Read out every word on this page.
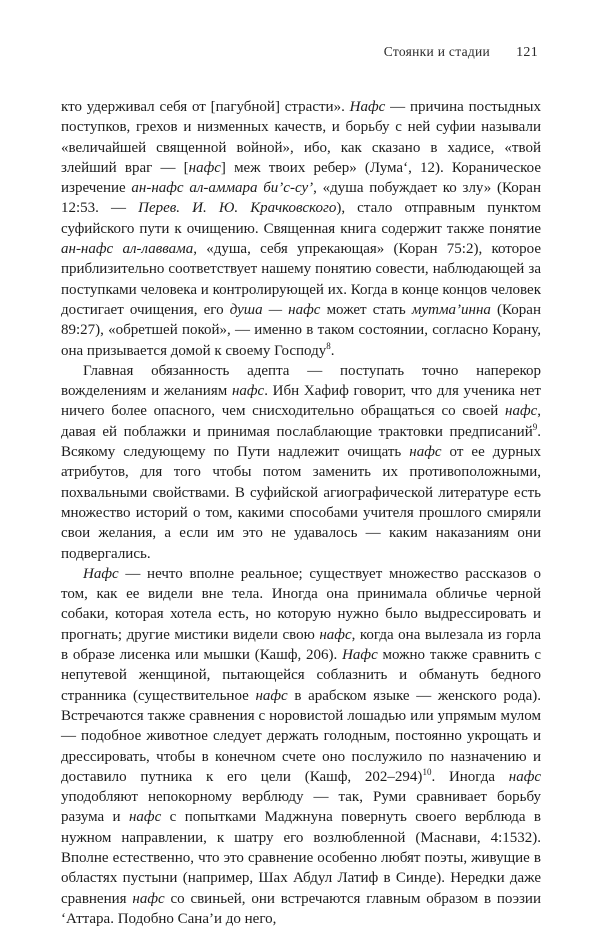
Стоянки и стадии 121

кто удерживал себя от [пагубной] страсти». Нафс — причина постыдных поступков, грехов и низменных качеств, и борьбу с ней суфии называли «величайшей священной войной», ибо, как сказано в хадисе, «твой злейший враг — [нафс] меж твоих ребер» (Лума‘, 12). Кораническое изречение ан-нафс ал-аммара би’с-су’, «душа побуждает ко злу» (Коран 12:53. — Перев. И. Ю. Крачковского), стало отправным пунктом суфийского пути к очищению. Священная книга содержит также понятие ан-нафс ал-лаввама, «душа, себя упрекающая» (Коран 75:2), которое приблизительно соответствует нашему понятию совести, наблюдающей за поступками человека и контролирующей их. Когда в конце концов человек достигает очищения, его душа — нафс может стать мутма’инна (Коран 89:27), «обретшей покой», — именно в таком состоянии, согласно Корану, она призывается домой к своему Господу$^8$.

Главная обязанность адепта — поступать точно наперекор вожделениям и желаниям нафс. Ибн Хафиф говорит, что для ученика нет ничего более опасного, чем снисходительно обращаться со своей нафс, давая ей поблажки и принимая послаблающие трактовки предписаний$^9$. Всякому следующему по Пути надлежит очищать нафс от ее дурных атрибутов, для того чтобы потом заменить их противоположными, похвальными свойствами. В суфийской агиографической литературе есть множество историй о том, какими способами учителя прошлого смиряли свои желания, а если им это не удавалось — каким наказаниям они подвергались.

Нафс — нечто вполне реальное; существует множество рассказов о том, как ее видели вне тела. Иногда она принимала обличье черной собаки, которая хотела есть, но которую нужно было выдрессировать и прогнать; другие мистики видели свою нафс, когда она вылезала из горла в образе лисенка или мышки (Кашф, 206). Нафс можно также сравнить с непутевой женщиной, пытающейся соблазнить и обмануть бедного странника (существительное нафс в арабском языке — женского рода). Встречаются также сравнения с норовистой лошадью или упрямым мулом — подобное животное следует держать голодным, постоянно укрощать и дрессировать, чтобы в конечном счете оно послужило по назначению и доставило путника к его цели (Кашф, 202–294)$^{10}$. Иногда нафс уподобляют непокорному верблюду — так, Руми сравнивает борьбу разума и нафс с попытками Маджнуна повернуть своего верблюда в нужном направлении, к шатру его возлюбленной (Маснави, 4:1532). Вполне естественно, что это сравнение особенно любят поэты, живущие в областях пустыни (например, Шах Абдул Латиф в Синде). Нередки даже сравнения нафс со свиньей, они встречаются главным образом в поэзии ‘Аттара. Подобно Сана’и до него,
